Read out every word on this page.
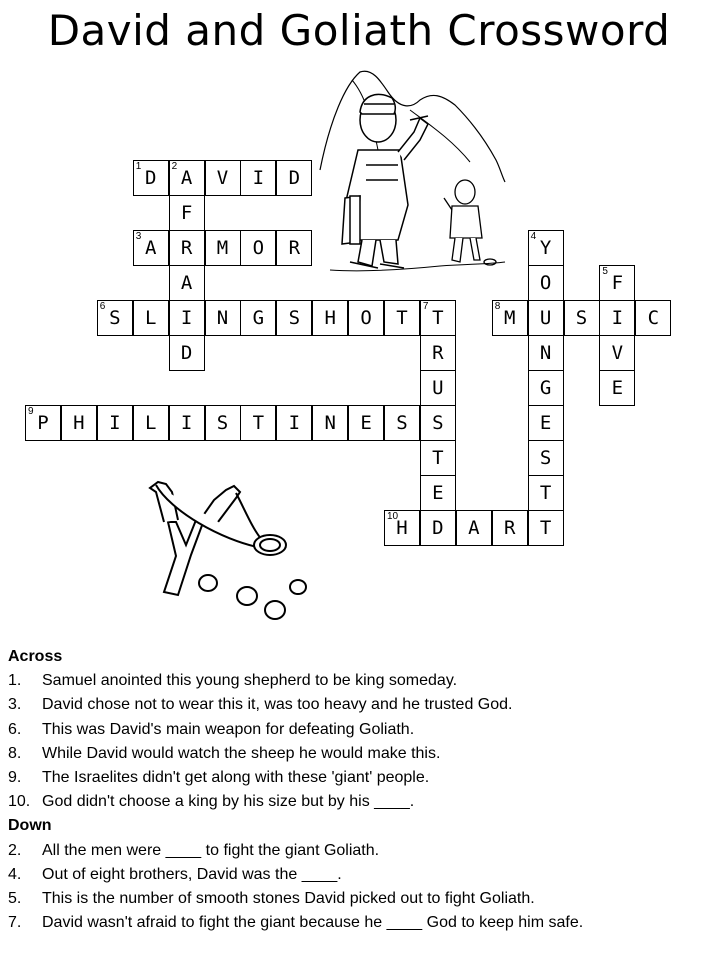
David and Goliath Crossword
1
D
2
A	V	I	D
F
R
A
I
D
3
A	M	O	R
4
Y
O
U
N
G
E
S
T
5
F
I
V
E
6
S	L	N	G	S	H	O	T
7
T
R
U
S
T
E
D
8
M	S	C
9
P	H	I	L	I	S	T	I	N	E	S
10
H	A	R	T
Across
1. Samuel anointed this young shepherd to be king someday.
3. David chose not to wear this it, was too heavy and he trusted God.
6. This was David's main weapon for defeating Goliath.
8. While David would watch the sheep he would make this.
9. The Israelites didn't get along with these 'giant' people.
10. God didn't choose a king by his size but by his ____.
Down
2. All the men were ____ to fight the giant Goliath.
4. Out of eight brothers, David was the ____.
5. This is the number of smooth stones David picked out to fight Goliath.
7. David wasn't afraid to fight the giant because he ____ God to keep him safe.
